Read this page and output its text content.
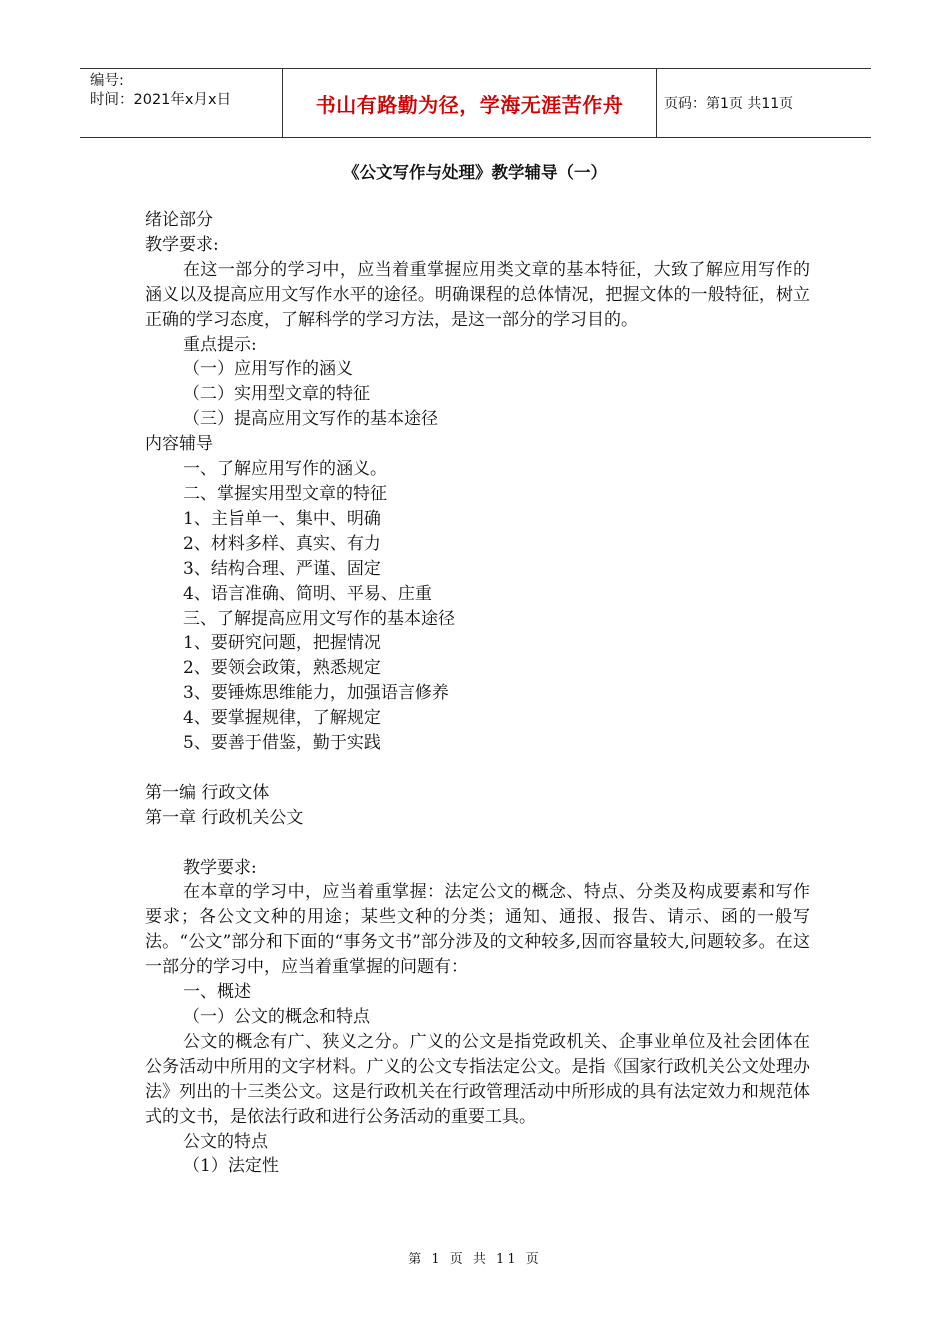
编号:
时间：2021年x月x日	书山有路勤为径，学海无涯苦作舟	页码：第1页 共11页
《公文写作与处理》教学辅导（一）

绪论部分

教学要求:

在这一部分的学习中，应当着重掌握应用类文章的基本特征，大致了解应用写作的涵义以及提高应用文写作水平的途径。明确课程的总体情况，把握文体的一般特征，树立正确的学习态度，了解科学的学习方法，是这一部分的学习目的。

重点提示:

（一）应用写作的涵义

（二）实用型文章的特征

（三）提高应用文写作的基本途径

内容辅导

一、了解应用写作的涵义。

二、掌握实用型文章的特征

1、主旨单一、集中、明确

2、材料多样、真实、有力

3、结构合理、严谨、固定

4、语言准确、简明、平易、庄重

三、了解提高应用文写作的基本途径

1、要研究问题，把握情况

2、要领会政策，熟悉规定

3、要锤炼思维能力，加强语言修养

4、要掌握规律，了解规定

5、要善于借鉴，勤于实践

第一编 行政文体

第一章 行政机关公文

教学要求:

在本章的学习中，应当着重掌握：法定公文的概念、特点、分类及构成要素和写作要求；各公文文种的用途；某些文种的分类；通知、通报、报告、请示、函的一般写法。“公文”部分和下面的“事务文书”部分涉及的文种较多,因而容量较大,问题较多。在这一部分的学习中，应当着重掌握的问题有：

一、概述

（一）公文的概念和特点

公文的概念有广、狭义之分。广义的公文是指党政机关、企事业单位及社会团体在公务活动中所用的文字材料。广义的公文专指法定公文。是指《国家行政机关公文处理办法》列出的十三类公文。这是行政机关在行政管理活动中所形成的具有法定效力和规范体式的文书，是依法行政和进行公务活动的重要工具。

公文的特点

（1）法定性

第 1 页 共 11 页
